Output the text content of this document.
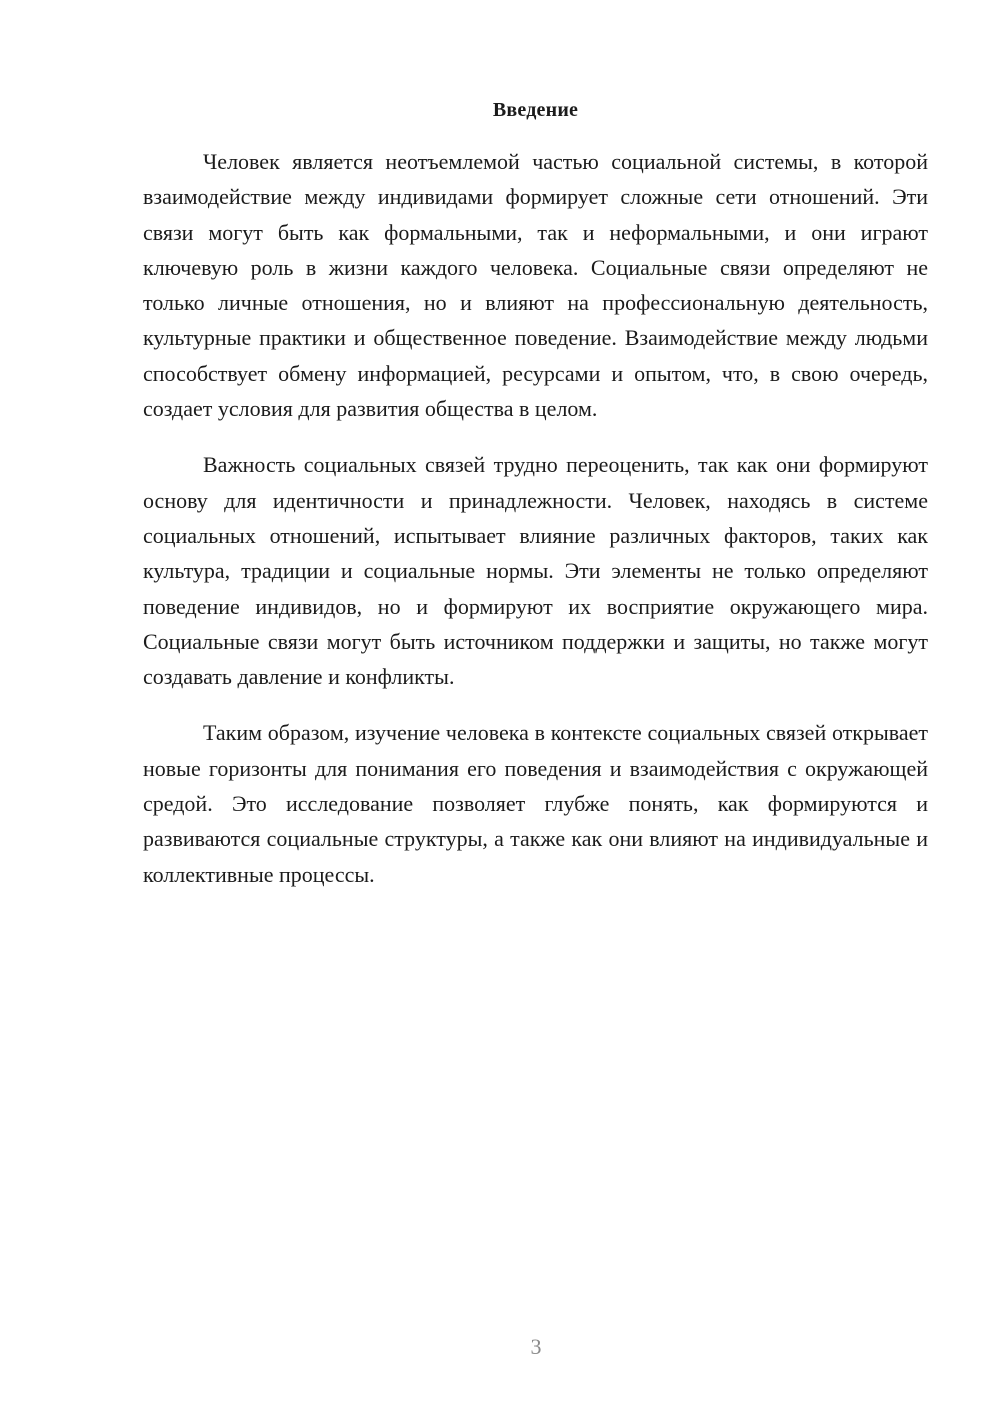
Введение

Человек является неотъемлемой частью социальной системы, в которой взаимодействие между индивидами формирует сложные сети отношений. Эти связи могут быть как формальными, так и неформальными, и они играют ключевую роль в жизни каждого человека. Социальные связи определяют не только личные отношения, но и влияют на профессиональную деятельность, культурные практики и общественное поведение. Взаимодействие между людьми способствует обмену информацией, ресурсами и опытом, что, в свою очередь, создает условия для развития общества в целом.

Важность социальных связей трудно переоценить, так как они формируют основу для идентичности и принадлежности. Человек, находясь в системе социальных отношений, испытывает влияние различных факторов, таких как культура, традиции и социальные нормы. Эти элементы не только определяют поведение индивидов, но и формируют их восприятие окружающего мира. Социальные связи могут быть источником поддержки и защиты, но также могут создавать давление и конфликты.

Таким образом, изучение человека в контексте социальных связей открывает новые горизонты для понимания его поведения и взаимодействия с окружающей средой. Это исследование позволяет глубже понять, как формируются и развиваются социальные структуры, а также как они влияют на индивидуальные и коллективные процессы.

3
